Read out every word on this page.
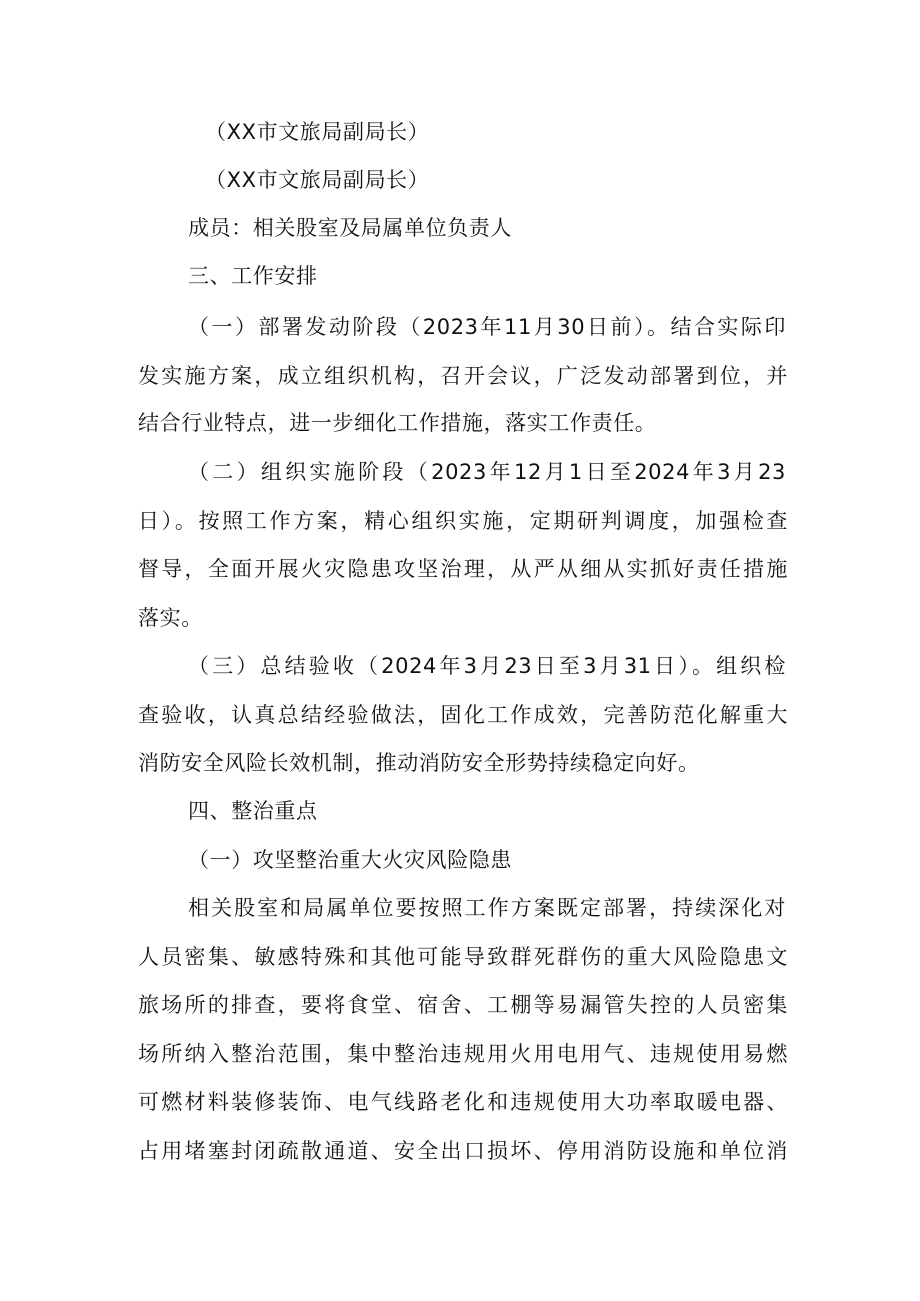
（XX市文旅局副局长）
（XX市文旅局副局长）
成员：相关股室及局属单位负责人
三、工作安排
（一）部署发动阶段（2023年11月30日前）。结合实际印
发实施方案，成立组织机构，召开会议，广泛发动部署到位，并
结合行业特点，进一步细化工作措施，落实工作责任。
（二）组织实施阶段（2023年12月1日至2024年3月23
日）。按照工作方案，精心组织实施，定期研判调度，加强检查
督导，全面开展火灾隐患攻坚治理，从严从细从实抓好责任措施
落实。
（三）总结验收（2024年3月23日至3月31日）。组织检
查验收，认真总结经验做法，固化工作成效，完善防范化解重大
消防安全风险长效机制，推动消防安全形势持续稳定向好。
四、整治重点
（一）攻坚整治重大火灾风险隐患
相关股室和局属单位要按照工作方案既定部署，持续深化对
人员密集、敏感特殊和其他可能导致群死群伤的重大风险隐患文
旅场所的排查，要将食堂、宿舍、工棚等易漏管失控的人员密集
场所纳入整治范围，集中整治违规用火用电用气、违规使用易燃
可燃材料装修装饰、电气线路老化和违规使用大功率取暖电器、
占用堵塞封闭疏散通道、安全出口损坏、停用消防设施和单位消
